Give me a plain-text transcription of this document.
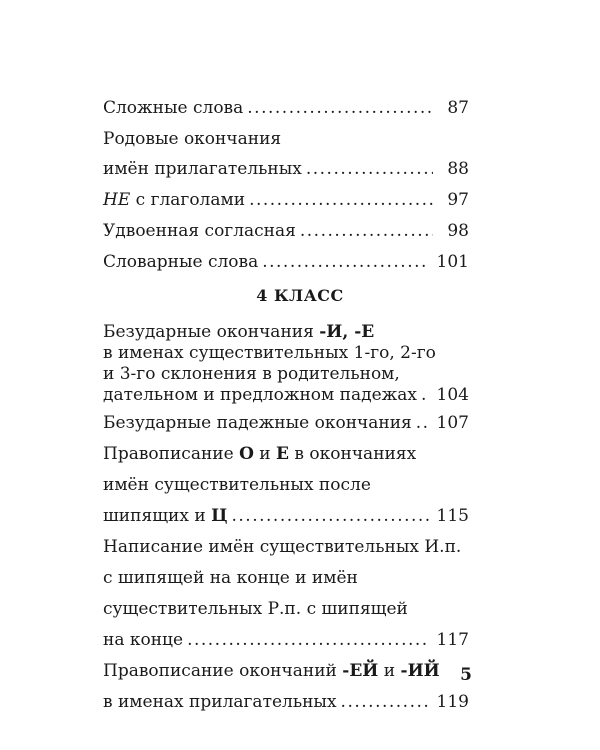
Сложные слова .....	87
Родовые окончания
имён прилагательных .....	88
НЕ с глаголами .....	97
Удвоенная согласная .....	98
Словарные слова .....	101
4 КЛАСС
Безударные окончания -И, -Е
в именах существительных 1-го, 2-го
и 3-го склонения в родительном,
дательном и предложном падежах ..... 104
Безударные падежные окончания ..... 107
Правописание О и Е в окончаниях
имён существительных после
шипящих и Ц .....	115
Написание имён существительных И.п.
с шипящей на конце и имён
существительных Р.п. с шипящей
на конце .....	117
Правописание окончаний -ЕЙ и -ИЙ
в именах прилагательных .....	119
5
